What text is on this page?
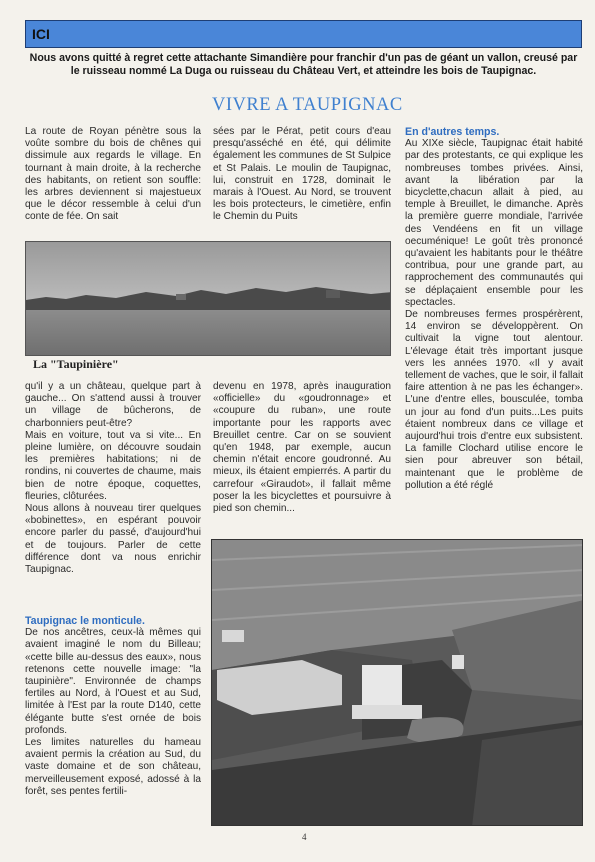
ICI
Nous avons quitté à regret cette attachante Simandière pour franchir d'un pas de géant un vallon, creusé par le ruisseau nommé La Duga ou ruisseau du Château Vert, et atteindre les bois de Taupignac.
VIVRE A TAUPIGNAC

La route de Royan pénètre sous la voûte sombre du bois de chênes qui dissimule aux regards le village. En tournant à main droite, à la recherche des habitants, on retient son souffle: les arbres deviennent si majestueux que le décor ressemble à celui d'un conte de fée. On sait

sées par le Pérat, petit cours d'eau presqu'asséché en été, qui délimite également les communes de St Sulpice et St Palais. Le moulin de Taupignac, lui, construit en 1728, dominait le marais à l'Ouest. Au Nord, se trouvent les bois protecteurs, le cimetière, enfin le Chemin du Puits

La "Taupinière"

qu'il y a un château, quelque part à gauche... On s'attend aussi à trouver un village de bûcherons, de charbonniers peut-être?

Mais en voiture, tout va si vite... En pleine lumière, on découvre soudain les premières habitations; ni de rondins, ni couvertes de chaume, mais bien de notre époque, coquettes, fleuries, clôturées.

Nous allons à nouveau tirer quelques «bobinettes», en espérant pouvoir encore parler du passé, d'aujourd'hui et de toujours. Parler de cette différence dont va nous enrichir Taupignac.

devenu en 1978, après inauguration «officielle» du «goudronnage» et «coupure du ruban», une route importante pour les rapports avec Breuillet centre. Car on se souvient qu'en 1948, par exemple, aucun chemin n'était encore goudronné. Au mieux, ils étaient empierrés. A partir du carrefour «Giraudot», il fallait même poser la les bicyclettes et poursuivre à pied son chemin...

Taupignac le monticule.

De nos ancêtres, ceux-là mêmes qui avaient imaginé le nom du Billeau; «cette bille au-dessus des eaux», nous retenons cette nouvelle image: "la taupinière". Environnée de champs fertiles au Nord, à l'Ouest et au Sud, limitée à l'Est par la route D140, cette élégante butte s'est ornée de bois profonds.

Les limites naturelles du hameau avaient permis la création au Sud, du vaste domaine et de son château, merveilleusement exposé, adossé à la forêt, ses pentes fertili-

En d'autres temps.

Au XIXe siècle, Taupignac était habité par des protestants, ce qui explique les nombreuses tombes privées. Ainsi, avant la libération par la bicyclette,chacun allait à pied, au temple à Breuillet, le dimanche. Après la première guerre mondiale, l'arrivée des Vendéens en fit un village oecuménique! Le goût très prononcé qu'avaient les habitants pour le théâtre contribua, pour une grande part, au rapprochement des communautés qui se déplaçaient ensemble pour les spectacles.

De nombreuses fermes prospérèrent, 14 environ se développèrent. On cultivait la vigne tout alentour. L'élevage était très important jusque vers les années 1970. «Il y avait tellement de vaches, que le soir, il fallait faire attention à ne pas les échanger». L'une d'entre elles, bousculée, tomba un jour au fond d'un puits...Les puits étaient nombreux dans ce village et aujourd'hui trois d'entre eux subsistent. La famille Clochard utilise encore le sien pour abreuver son bétail, maintenant que le problème de pollution a été réglé

4
